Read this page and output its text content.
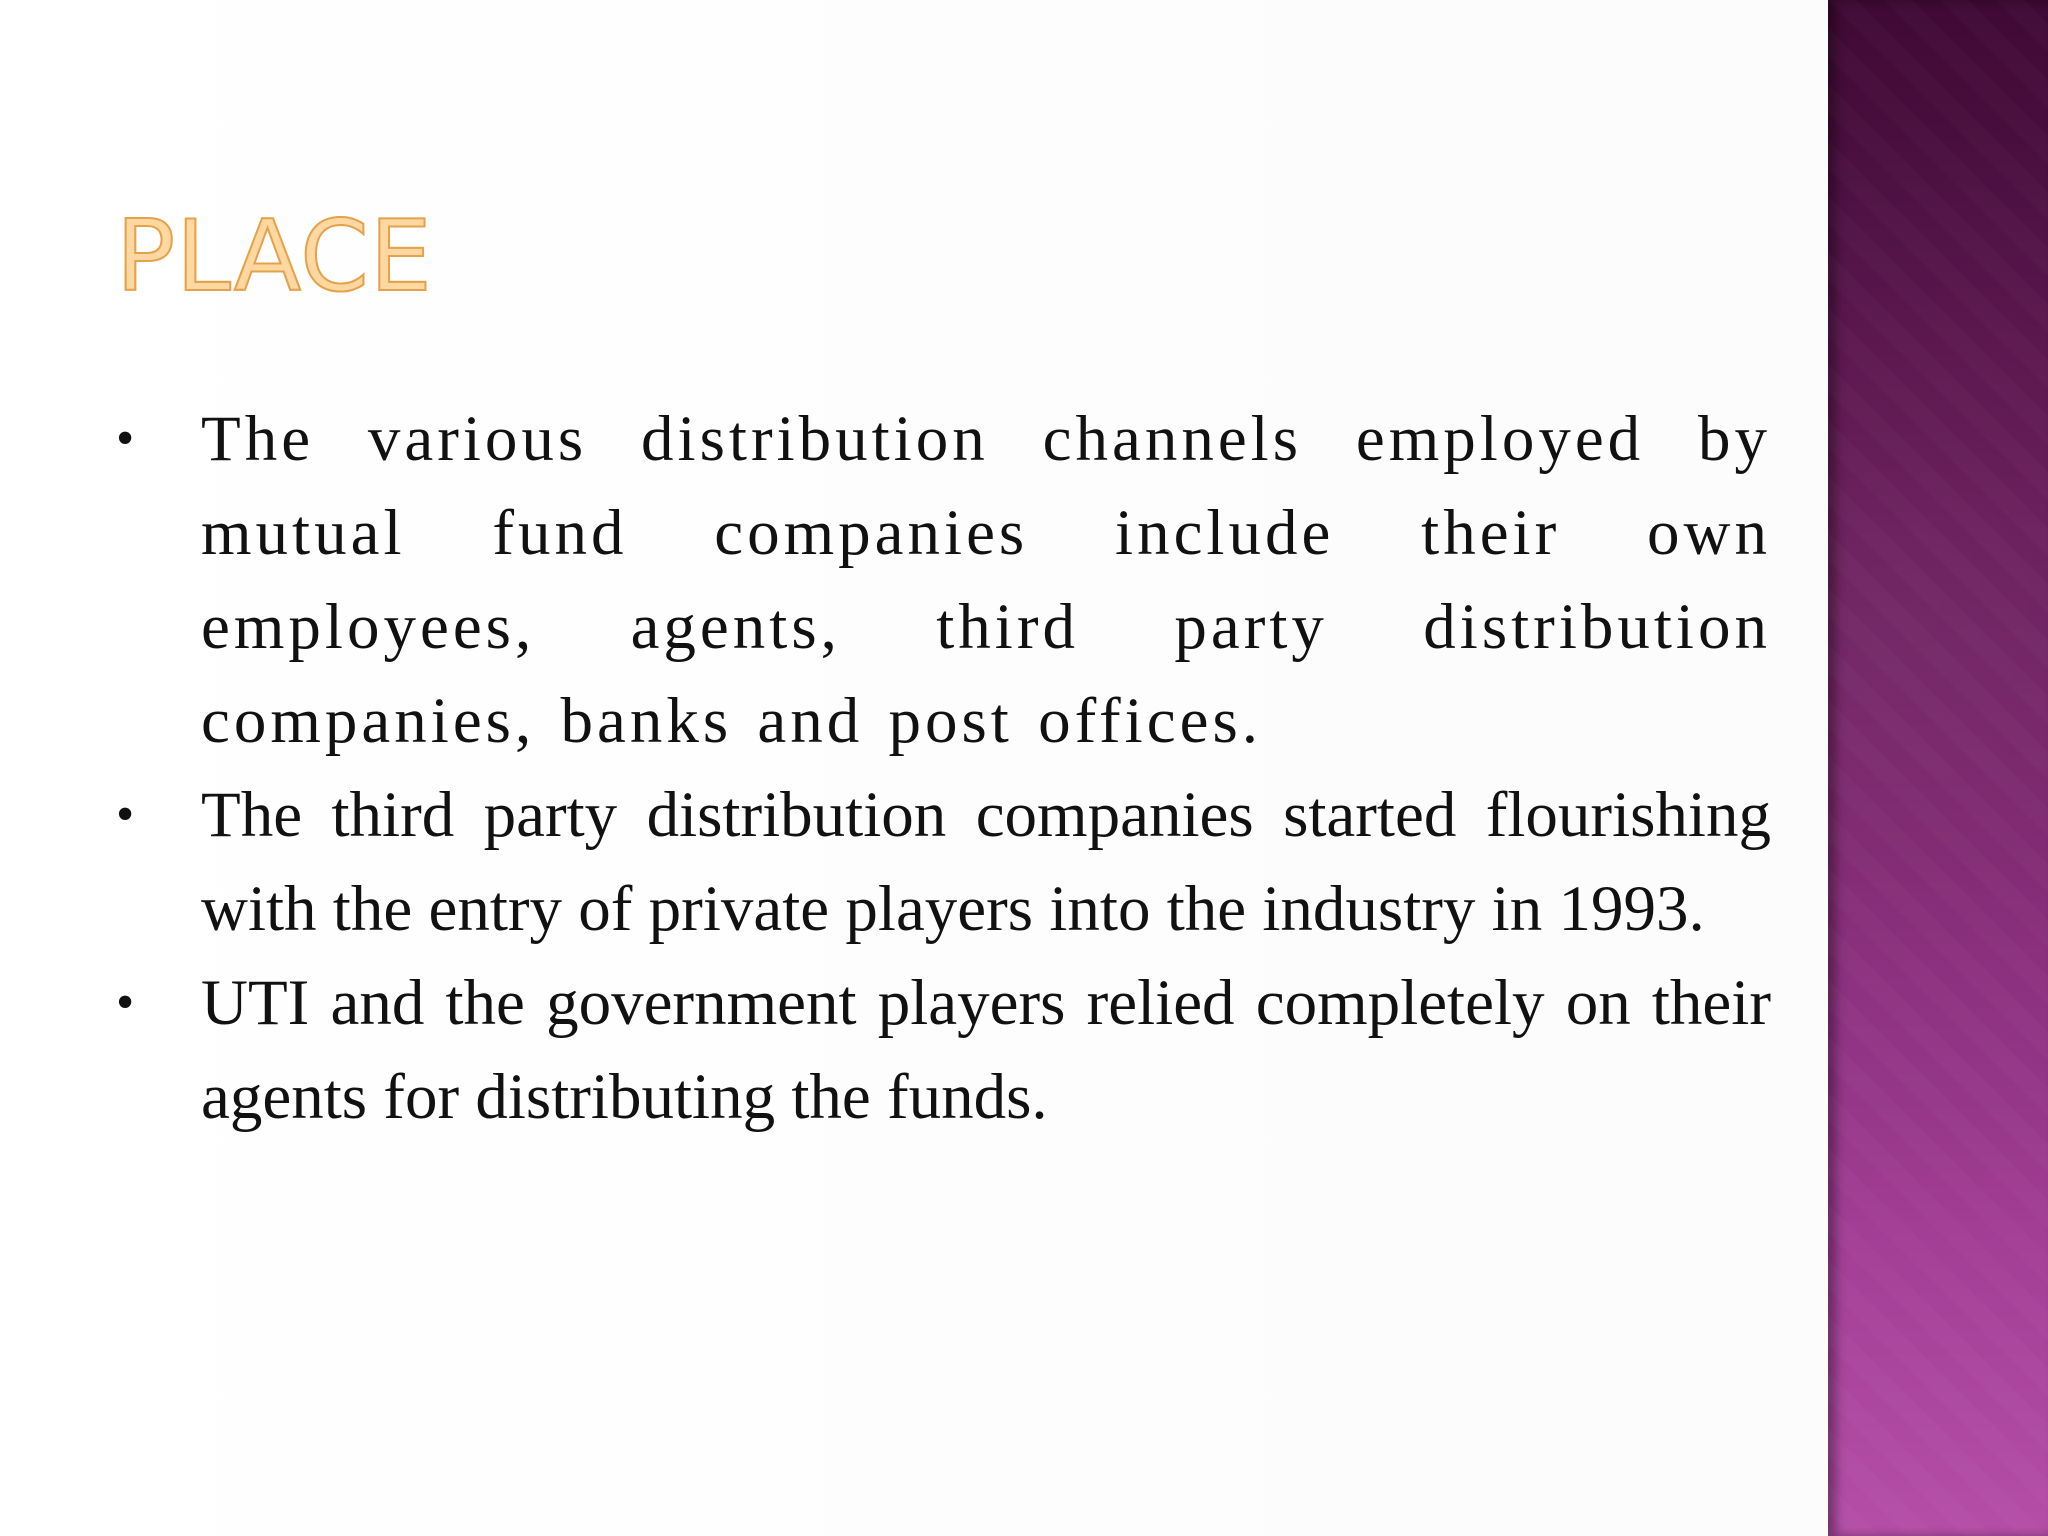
PLACE
• The various distribution channels employed by mutual fund companies include their own employees, agents, third party distribution companies, banks and post offices.
•	The third party distribution companies started flourishing with the entry of private players into the industry in 1993.
•	UTI and the government players relied completely on their agents for distributing the funds.
